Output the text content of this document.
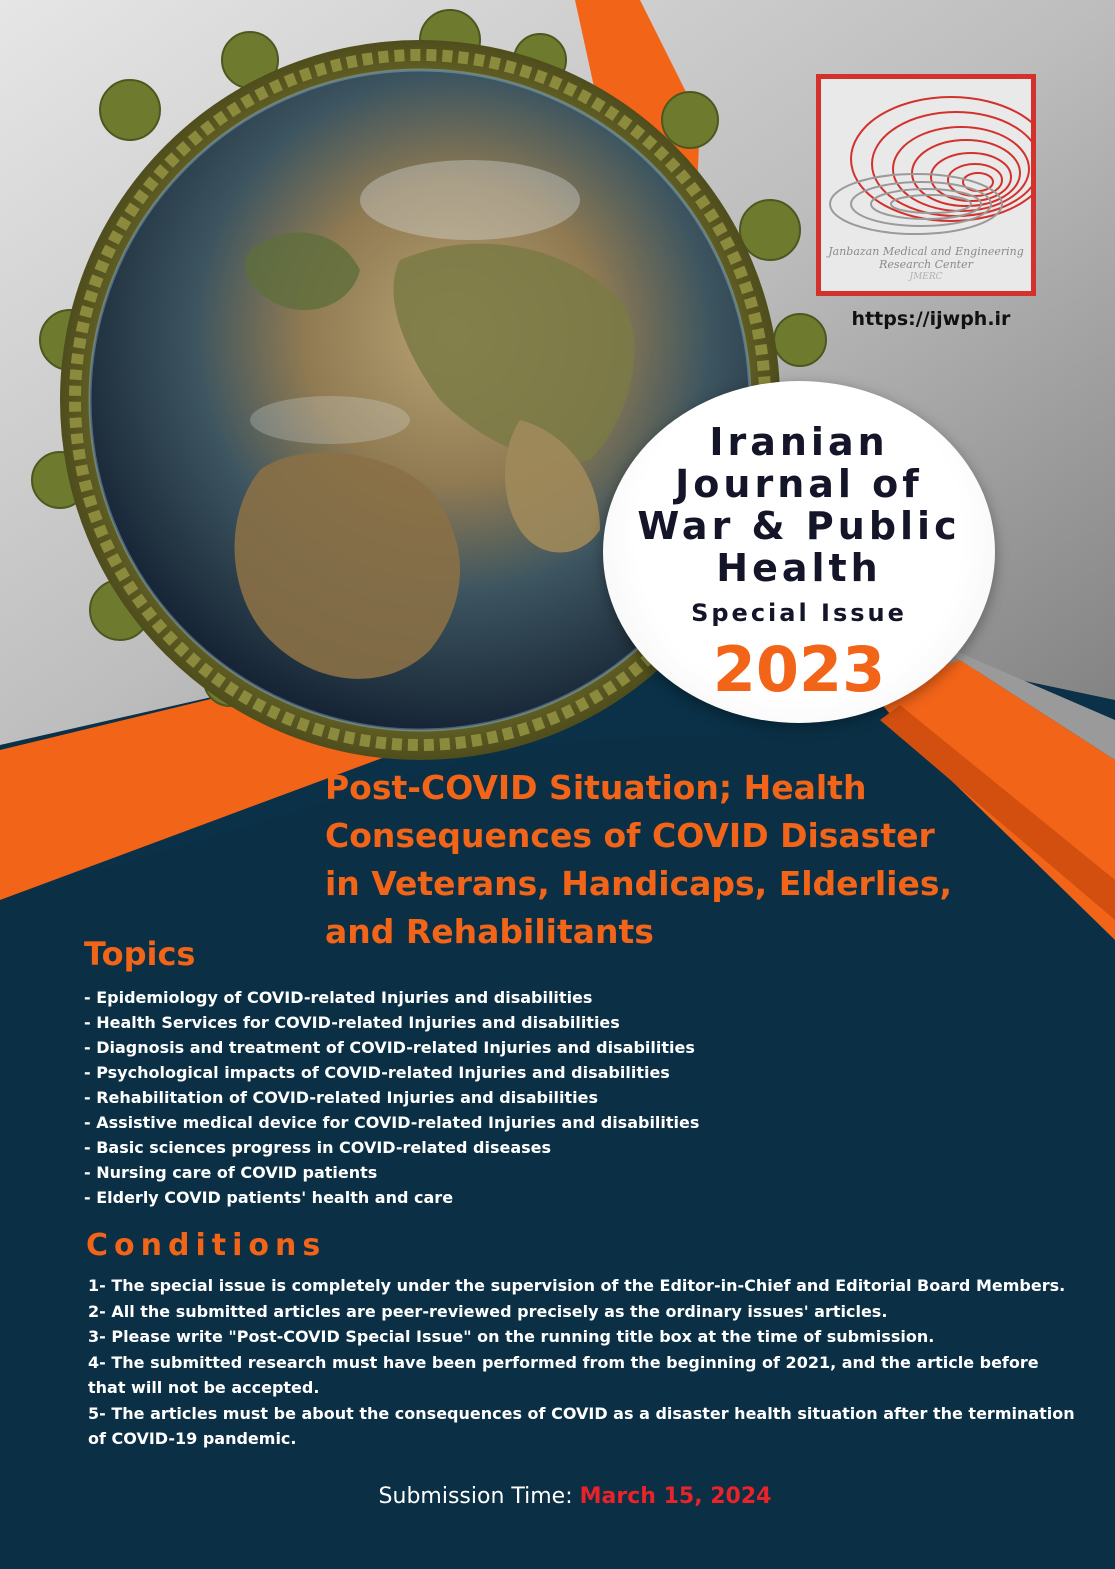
Janbazan Medical and Engineering
Research Center
JMERC
https://ijwph.ir
Iranian
Journal of
War & Public
Health
Special Issue
2023
Post-COVID Situation; Health
Consequences of COVID Disaster
in Veterans, Handicaps, Elderlies,
and Rehabilitants
Topics
- Epidemiology of COVID-related Injuries and disabilities
- Health Services for COVID-related Injuries and disabilities
- Diagnosis and treatment of COVID-related Injuries and disabilities
- Psychological impacts of COVID-related Injuries and disabilities
- Rehabilitation of COVID-related Injuries and disabilities
- Assistive medical device for COVID-related Injuries and disabilities
- Basic sciences progress in COVID-related diseases
- Nursing care of COVID patients
- Elderly COVID patients' health and care
Conditions
1- The special issue is completely under the supervision of the Editor-in-Chief and Editorial Board Members.
2- All the submitted articles are peer-reviewed precisely as the ordinary issues' articles.
3- Please write "Post-COVID Special Issue" on the running title box at the time of submission.
4- The submitted research must have been performed from the beginning of 2021, and the article before that will not be accepted.
5- The articles must be about the consequences of COVID as a disaster health situation after the termination of COVID-19 pandemic.
Submission Time: March 15, 2024
